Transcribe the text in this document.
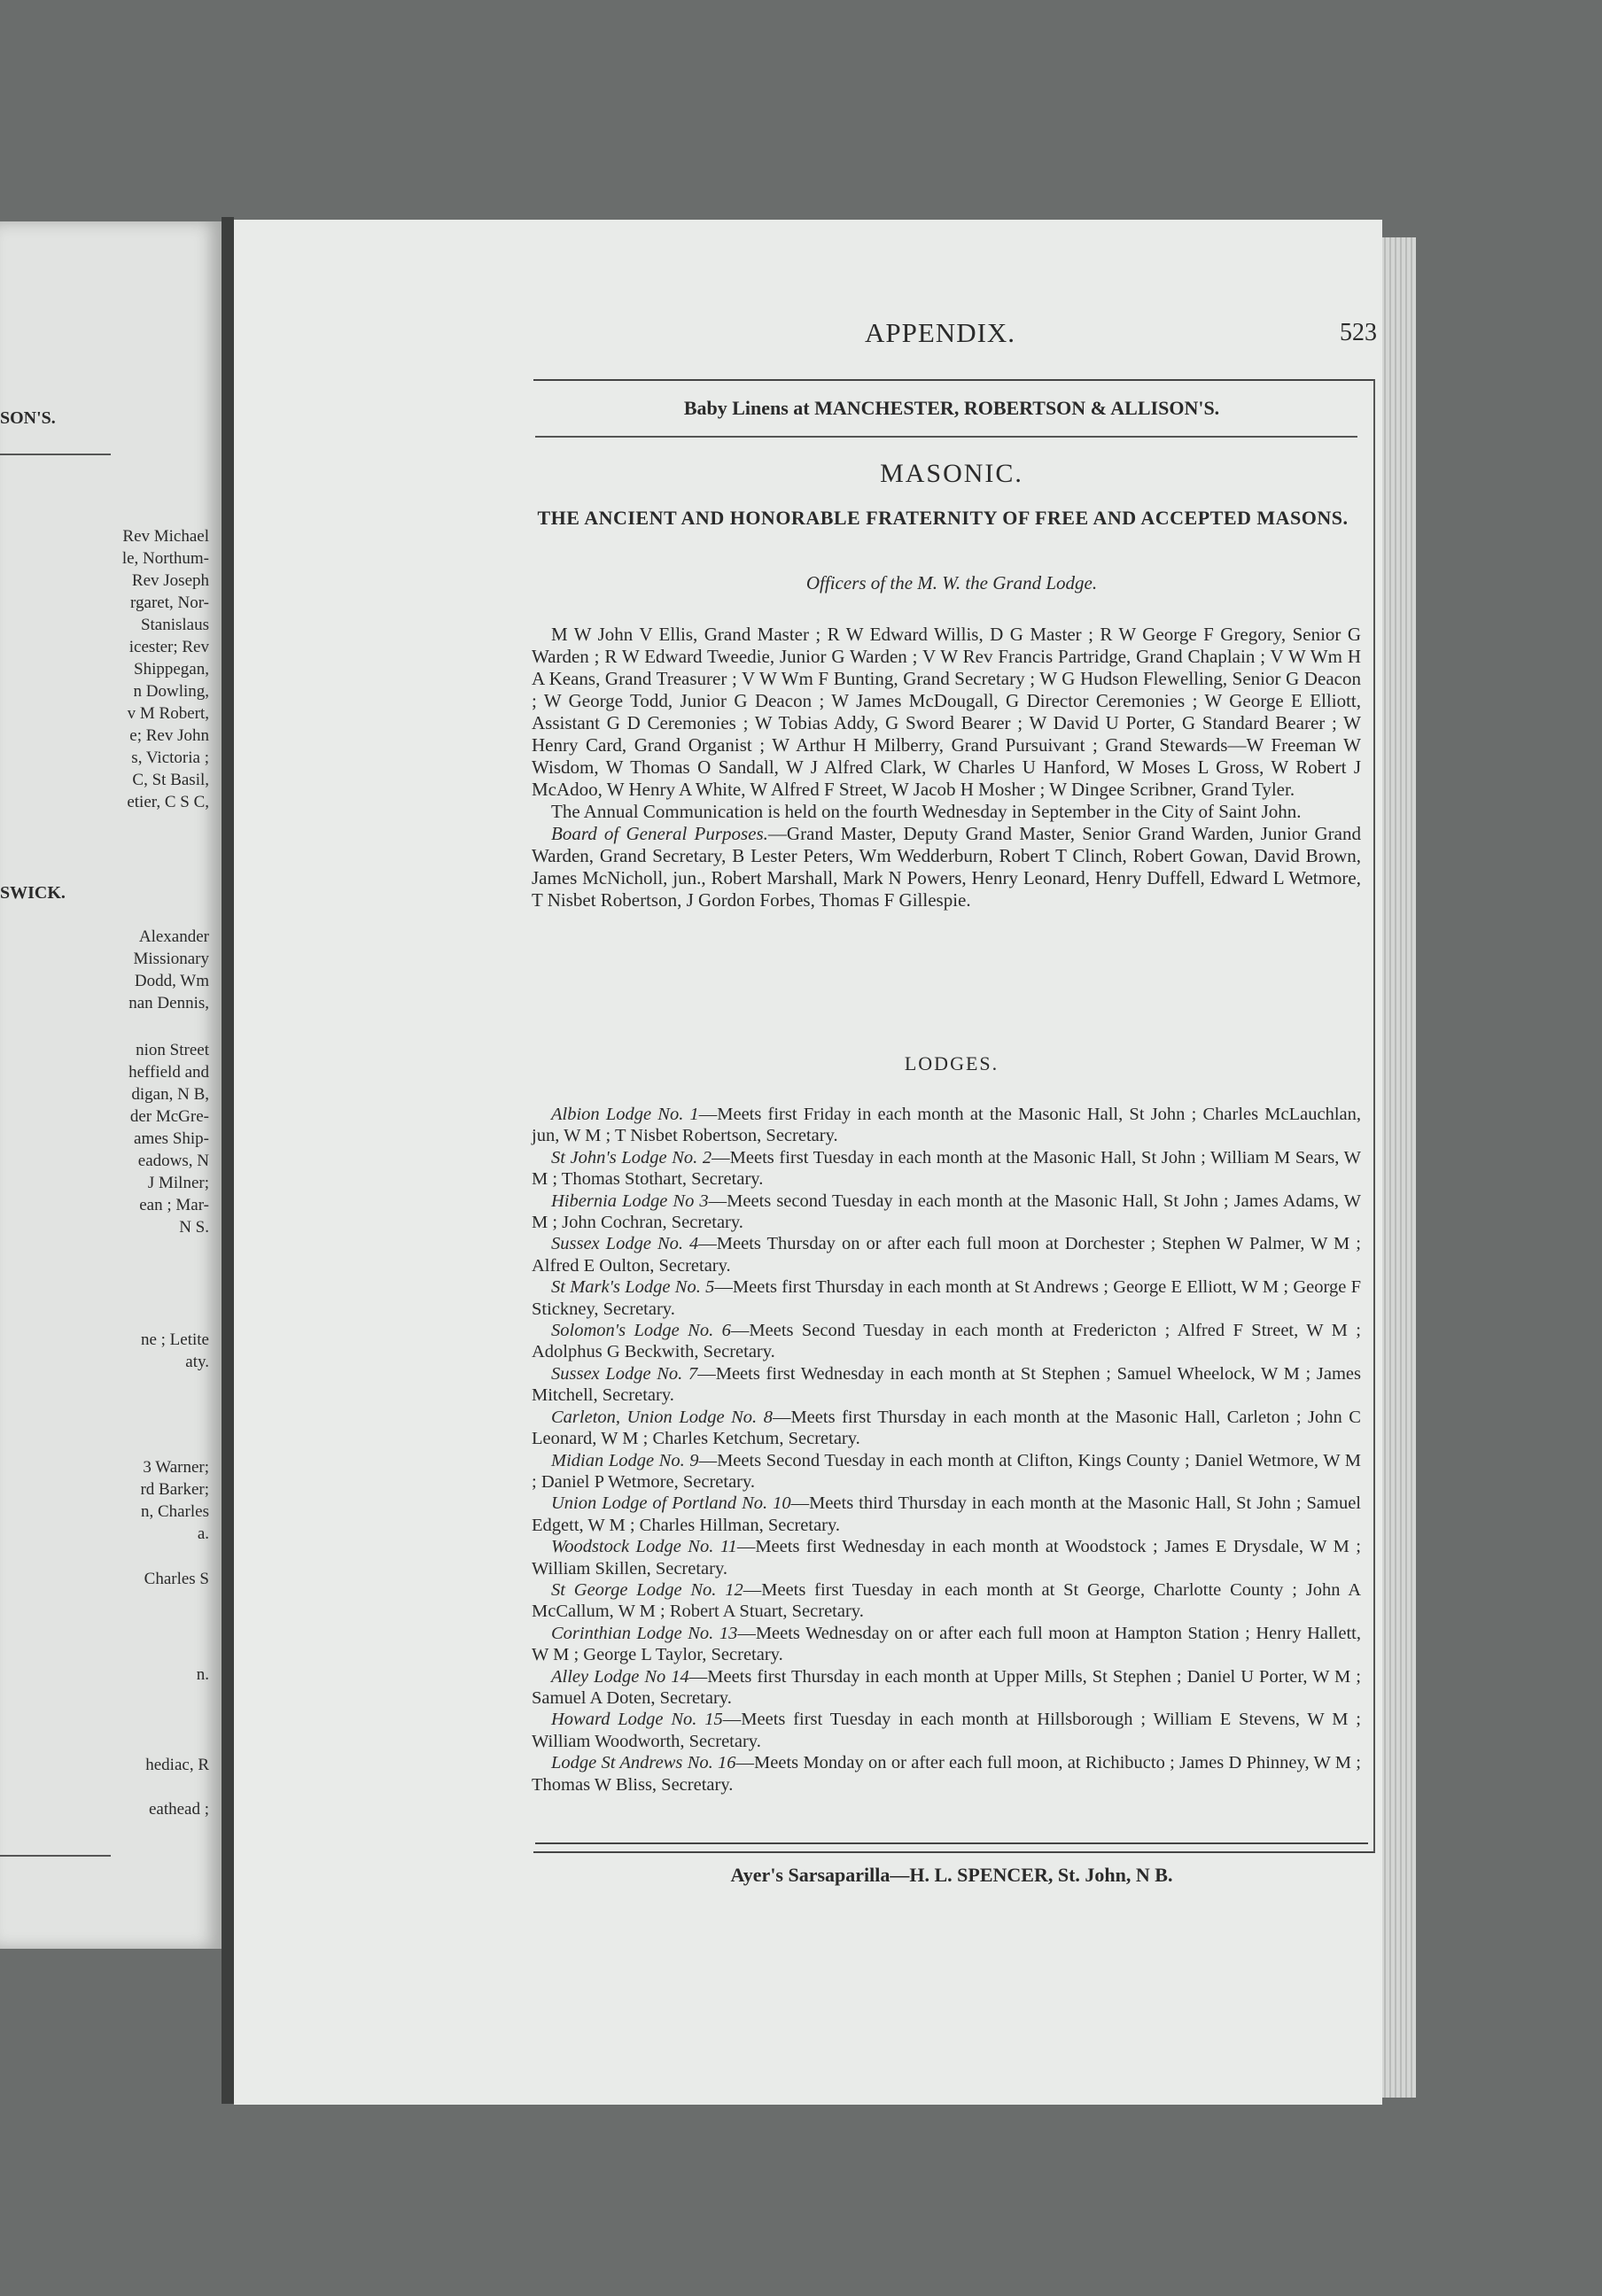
SON'S.
Rev Michael
le, Northum-
Rev Joseph
rgaret, Nor-
Stanislaus
icester; Rev
Shippegan,
n Dowling,
v M Robert,
e; Rev John
s, Victoria ;
C, St Basil,
etier, C S C,
SWICK.
Alexander
Missionary
Dodd, Wm
nan Dennis,
nion Street
heffield and
digan, N B,
der McGre-
ames Ship-
eadows, N
J Milner;
ean ; Mar-
N S.
ne ; Letite
aty.
3 Warner;
rd Barker;
n, Charles
a.
Charles S
n.
hediac, R
eathead ;
APPENDIX.	523
Baby Linens at MANCHESTER, ROBERTSON & ALLISON'S.
MASONIC.
THE ANCIENT AND HONORABLE FRATERNITY OF FREE AND ACCEPTED MASONS.
Officers of the M. W. the Grand Lodge.

M W John V Ellis, Grand Master ; R W Edward Willis, D G Master ; R W George F Gregory, Senior G Warden ; R W Edward Tweedie, Junior G Warden ; V W Rev Francis Partridge, Grand Chaplain ; V W Wm H A Keans, Grand Treasurer ; V W Wm F Bunting, Grand Secretary ; W G Hudson Flewelling, Senior G Deacon ; W George Todd, Junior G Deacon ; W James McDougall, G Director Ceremonies ; W George E Elliott, Assistant G D Ceremonies ; W Tobias Addy, G Sword Bearer ; W David U Porter, G Standard Bearer ; W Henry Card, Grand Organist ; W Arthur H Milberry, Grand Pursuivant ; Grand Stewards—W Freeman W Wisdom, W Thomas O Sandall, W J Alfred Clark, W Charles U Hanford, W Moses L Gross, W Robert J McAdoo, W Henry A White, W Alfred F Street, W Jacob H Mosher ; W Dingee Scribner, Grand Tyler.

The Annual Communication is held on the fourth Wednesday in September in the City of Saint John.

Board of General Purposes.—Grand Master, Deputy Grand Master, Senior Grand Warden, Junior Grand Warden, Grand Secretary, B Lester Peters, Wm Wedderburn, Robert T Clinch, Robert Gowan, David Brown, James McNicholl, jun., Robert Marshall, Mark N Powers, Henry Leonard, Henry Duffell, Edward L Wetmore, T Nisbet Robertson, J Gordon Forbes, Thomas F Gillespie.

LODGES.

Albion Lodge No. 1—Meets first Friday in each month at the Masonic Hall, St John ; Charles McLauchlan, jun, W M ; T Nisbet Robertson, Secretary.

St John's Lodge No. 2—Meets first Tuesday in each month at the Masonic Hall, St John ; William M Sears, W M ; Thomas Stothart, Secretary.

Hibernia Lodge No 3—Meets second Tuesday in each month at the Masonic Hall, St John ; James Adams, W M ; John Cochran, Secretary.

Sussex Lodge No. 4—Meets Thursday on or after each full moon at Dorchester ; Stephen W Palmer, W M ; Alfred E Oulton, Secretary.

St Mark's Lodge No. 5—Meets first Thursday in each month at St Andrews ; George E Elliott, W M ; George F Stickney, Secretary.

Solomon's Lodge No. 6—Meets Second Tuesday in each month at Fredericton ; Alfred F Street, W M ; Adolphus G Beckwith, Secretary.

Sussex Lodge No. 7—Meets first Wednesday in each month at St Stephen ; Samuel Wheelock, W M ; James Mitchell, Secretary.

Carleton, Union Lodge No. 8—Meets first Thursday in each month at the Masonic Hall, Carleton ; John C Leonard, W M ; Charles Ketchum, Secretary.

Midian Lodge No. 9—Meets Second Tuesday in each month at Clifton, Kings County ; Daniel Wetmore, W M ; Daniel P Wetmore, Secretary.

Union Lodge of Portland No. 10—Meets third Thursday in each month at the Masonic Hall, St John ; Samuel Edgett, W M ; Charles Hillman, Secretary.

Woodstock Lodge No. 11—Meets first Wednesday in each month at Woodstock ; James E Drysdale, W M ; William Skillen, Secretary.

St George Lodge No. 12—Meets first Tuesday in each month at St George, Charlotte County ; John A McCallum, W M ; Robert A Stuart, Secretary.

Corinthian Lodge No. 13—Meets Wednesday on or after each full moon at Hampton Station ; Henry Hallett, W M ; George L Taylor, Secretary.

Alley Lodge No 14—Meets first Thursday in each month at Upper Mills, St Stephen ; Daniel U Porter, W M ; Samuel A Doten, Secretary.

Howard Lodge No. 15—Meets first Tuesday in each month at Hillsborough ; William E Stevens, W M ; William Woodworth, Secretary.

Lodge St Andrews No. 16—Meets Monday on or after each full moon, at Richibucto ; James D Phinney, W M ; Thomas W Bliss, Secretary.

Ayer's Sarsaparilla—H. L. SPENCER, St. John, N B.
